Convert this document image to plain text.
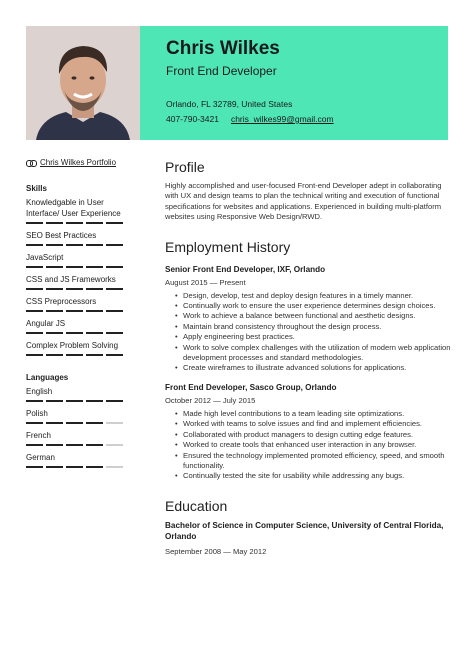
Chris Wilkes
Front End Developer
Orlando, FL 32789, United States
407-790-3421 chris_wilkes99@gmail.com
Chris Wilkes Portfolio
Skills
Knowledgable in User Interface/ User Experience
SEO Best Practices
JavaScript
CSS and JS Frameworks
CSS Preprocessors
Angular JS
Complex Problem Solving
Languages
English
Polish
French
German
Profile
Highly accomplished and user-focused Front-end Developer adept in collaborating with UX and design teams to plan the technical writing and execution of functional specifications for websites and applications. Experienced in building multi-platform websites using Responsive Web Design/RWD.
Employment History
Senior Front End Developer, IXF, Orlando
August 2015 — Present
• Design, develop, test and deploy design features in a timely manner.
• Continually work to ensure the user experience determines design choices.
• Work to achieve a balance between functional and aesthetic designs.
• Maintain brand consistency throughout the design process.
• Apply engineering best practices.
• Work to solve complex challenges with the utilization of modern web application development processes and standard methodologies.
• Create wireframes to illustrate advanced solutions for applications.
Front End Developer, Sasco Group, Orlando
October 2012 — July 2015
• Made high level contributions to a team leading site optimizations.
• Worked with teams to solve issues and find and implement efficiencies.
• Collaborated with product managers to design cutting edge features.
• Worked to create tools that enhanced user interaction in any browser.
• Ensured the technology implemented promoted efficiency, speed, and smooth functionality.
• Continually tested the site for usability while addressing any bugs.
Education
Bachelor of Science in Computer Science, University of Central Florida, Orlando
September 2008 — May 2012
